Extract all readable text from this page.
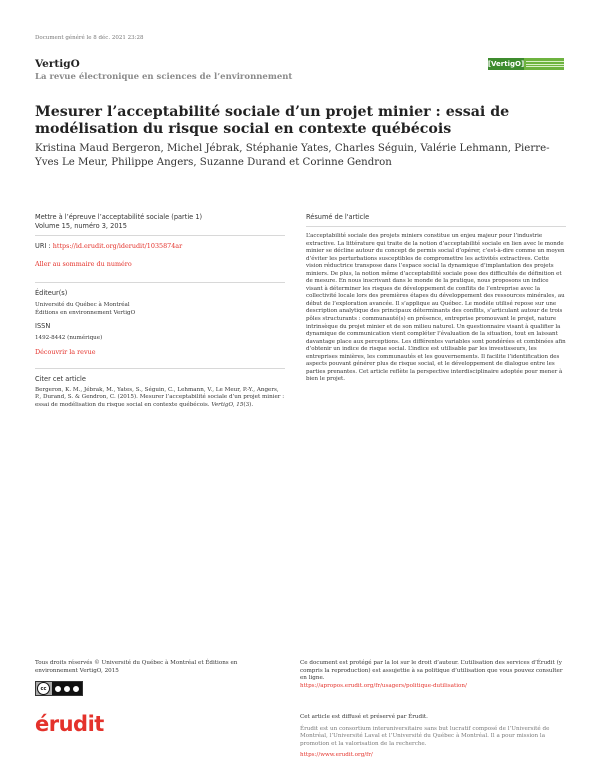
Document généré le 8 déc. 2021 23:28
VertigO
La revue électronique en sciences de l’environnement
[VertigO]
Mesurer l’acceptabilité sociale d’un projet minier : essai de modélisation du risque social en contexte québécois
Kristina Maud Bergeron, Michel Jébrak, Stéphanie Yates, Charles Séguin, Valérie Lehmann, Pierre-Yves Le Meur, Philippe Angers, Suzanne Durand et Corinne Gendron
Mettre à l’épreuve l’acceptabilité sociale (partie 1)
Volume 15, numéro 3, 2015
URI : https://id.erudit.org/iderudit/1035874ar
Aller au sommaire du numéro
Éditeur(s)
Université du Québec à Montréal
Éditions en environnement VertigO
ISSN
1492-8442 (numérique)
Découvrir la revue
Citer cet article
Bergeron, K. M., Jébrak, M., Yates, S., Séguin, C., Lehmann, V., Le Meur, P.-Y., Angers, P., Durand, S. & Gendron, C. (2015). Mesurer l’acceptabilité sociale d’un projet minier : essai de modélisation du risque social en contexte québécois. VertigO, 15(3).
Résumé de l'article
L’acceptabilité sociale des projets miniers constitue un enjeu majeur pour l’industrie extractive. La littérature qui traite de la notion d’acceptabilité sociale en lien avec le monde minier se décline autour du concept de permis social d’opérer, c’est-à-dire comme un moyen d’éviter les perturbations susceptibles de compromettre les activités extractives. Cette vision réductrice transpose dans l’espace social la dynamique d’implantation des projets miniers. De plus, la notion même d’acceptabilité sociale pose des difficultés de définition et de mesure. En nous inscrivant dans le monde de la pratique, nous proposons un indice visant à déterminer les risques de développement de conflits de l’entreprise avec la collectivité locale lors des premières étapes du développement des ressources minérales, au début de l’exploration avancée. Il s’applique au Québec. Le modèle utilisé repose sur une description analytique des principaux déterminants des conflits, s’articulant autour de trois pôles structurants : communauté(s) en présence, entreprise promouvant le projet, nature intrinsèque du projet minier et de son milieu naturel. Un questionnaire visant à qualifier la dynamique de communication vient compléter l’évaluation de la situation, tout en laissant davantage place aux perceptions. Les différentes variables sont pondérées et combinées afin d’obtenir un indice de risque social. L’indice est utilisable par les investisseurs, les entreprises minières, les communautés et les gouvernements. Il facilite l’identification des aspects pouvant générer plus de risque social, et le développement de dialogue entre les parties prenantes. Cet article reflète la perspective interdisciplinaire adoptée pour mener à bien le projet.
Tous droits réservés © Université du Québec à Montréal et Éditions en environnement VertigO, 2015
cc
érudit
Ce document est protégé par la loi sur le droit d’auteur. L’utilisation des services d’Érudit (y compris la reproduction) est assujettie à sa politique d’utilisation que vous pouvez consulter en ligne.
https://apropos.erudit.org/fr/usagers/politique-dutilisation/
Cet article est diffusé et préservé par Érudit.
Érudit est un consortium interuniversitaire sans but lucratif composé de l’Université de Montréal, l’Université Laval et l’Université du Québec à Montréal. Il a pour mission la promotion et la valorisation de la recherche.
https://www.erudit.org/fr/
